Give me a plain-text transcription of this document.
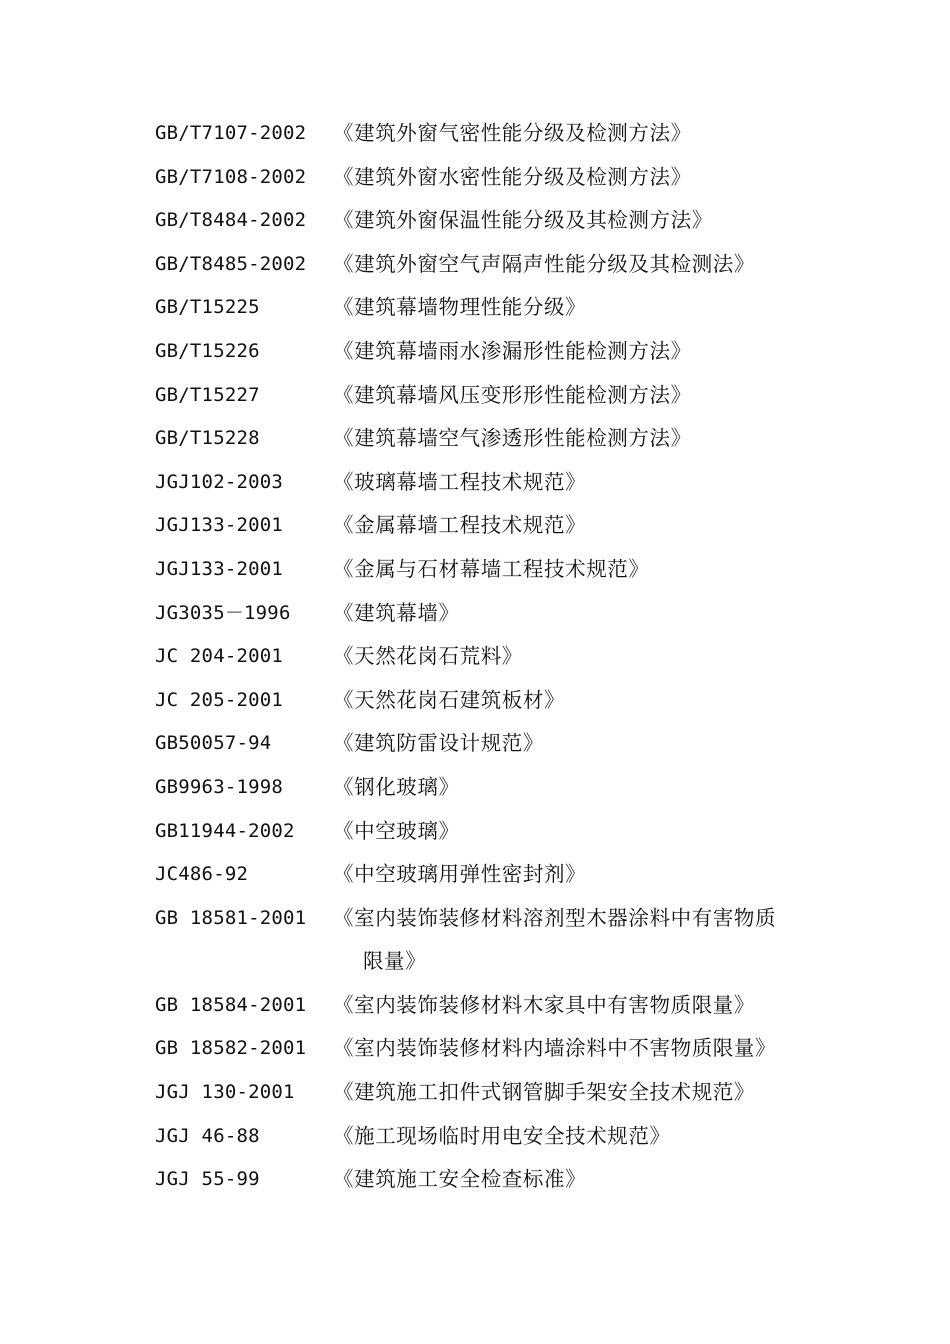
GB/T7107-2002	《建筑外窗气密性能分级及检测方法》
GB/T7108-2002	《建筑外窗水密性能分级及检测方法》
GB/T8484-2002	《建筑外窗保温性能分级及其检测方法》
GB/T8485-2002	《建筑外窗空气声隔声性能分级及其检测法》
GB/T15225	《建筑幕墙物理性能分级》
GB/T15226	《建筑幕墙雨水渗漏形性能检测方法》
GB/T15227	《建筑幕墙风压变形形性能检测方法》
GB/T15228	《建筑幕墙空气渗透形性能检测方法》
JGJ102-2003	《玻璃幕墙工程技术规范》
JGJ133-2001	《金属幕墙工程技术规范》
JGJ133-2001	《金属与石材幕墙工程技术规范》
JG3035－1996	《建筑幕墙》
JC 204-2001	《天然花岗石荒料》
JC 205-2001	《天然花岗石建筑板材》
GB50057-94	《建筑防雷设计规范》
GB9963-1998	《钢化玻璃》
GB11944-2002	《中空玻璃》
JC486-92	《中空玻璃用弹性密封剂》
GB 18581-2001	《室内装饰装修材料溶剂型木器涂料中有害物质
限量》
GB 18584-2001	《室内装饰装修材料木家具中有害物质限量》
GB 18582-2001	《室内装饰装修材料内墙涂料中不害物质限量》
JGJ 130-2001	《建筑施工扣件式钢管脚手架安全技术规范》
JGJ 46-88	《施工现场临时用电安全技术规范》
JGJ 55-99	《建筑施工安全检查标准》
